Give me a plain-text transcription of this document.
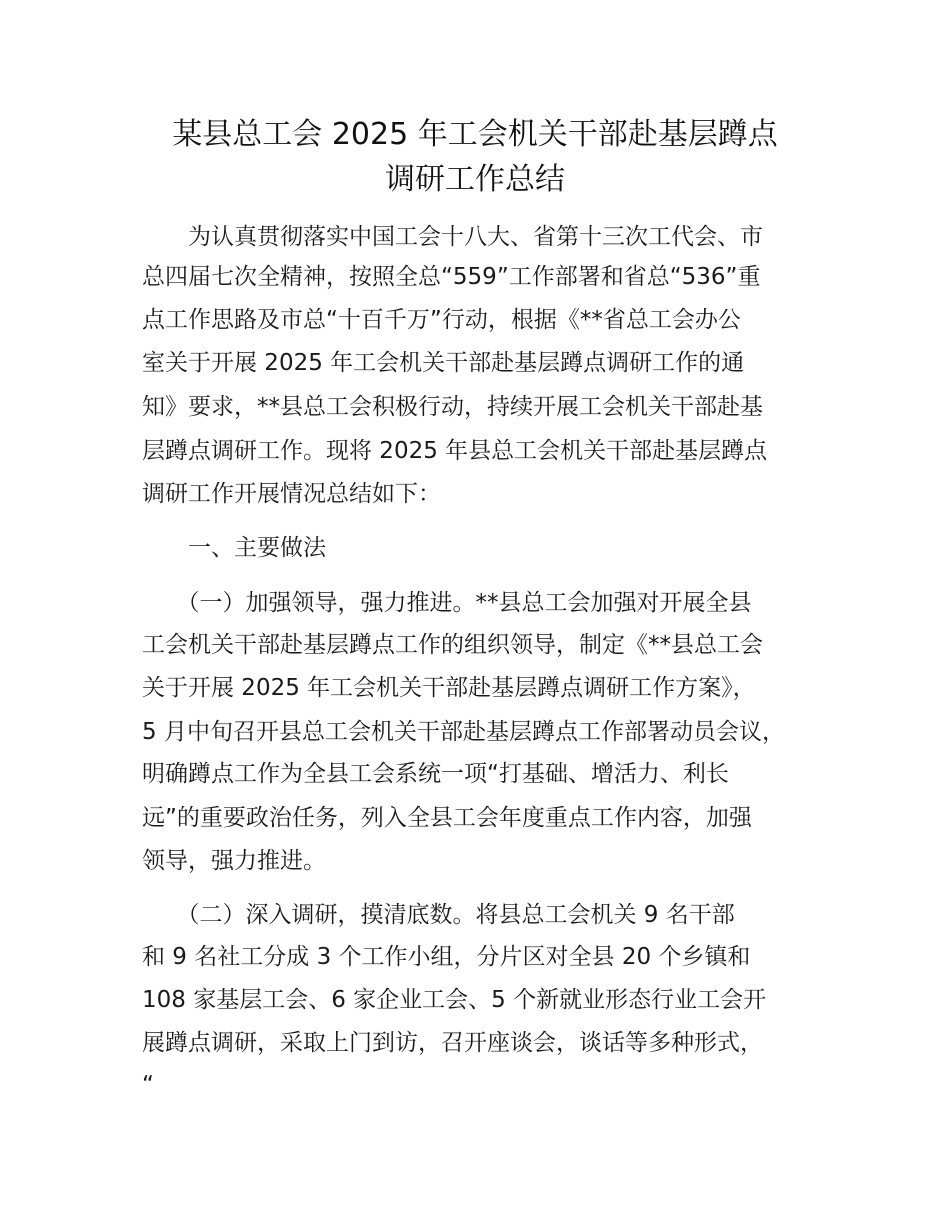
某县总工会 2025 年工会机关干部赴基层蹲点
调研工作总结
　　为认真贯彻落实中国工会十八大、省第十三次工代会、市
总四届七次全精神，按照全总“559”工作部署和省总“536”重
点工作思路及市总“十百千万”行动，根据《**省总工会办公
室关于开展 2025 年工会机关干部赴基层蹲点调研工作的通
知》要求，**县总工会积极行动，持续开展工会机关干部赴基
层蹲点调研工作。现将 2025 年县总工会机关干部赴基层蹲点
调研工作开展情况总结如下：
　　一、主要做法
　　（一）加强领导，强力推进。**县总工会加强对开展全县
工会机关干部赴基层蹲点工作的组织领导，制定《**县总工会
关于开展 2025 年工会机关干部赴基层蹲点调研工作方案》，
5 月中旬召开县总工会机关干部赴基层蹲点工作部署动员会议，
明确蹲点工作为全县工会系统一项“打基础、增活力、利长
远”的重要政治任务，列入全县工会年度重点工作内容，加强
领导，强力推进。
　　（二）深入调研，摸清底数。将县总工会机关 9 名干部
和 9 名社工分成 3 个工作小组，分片区对全县 20 个乡镇和
108 家基层工会、6 家企业工会、5 个新就业形态行业工会开
展蹲点调研，采取上门到访，召开座谈会，谈话等多种形式，
“
